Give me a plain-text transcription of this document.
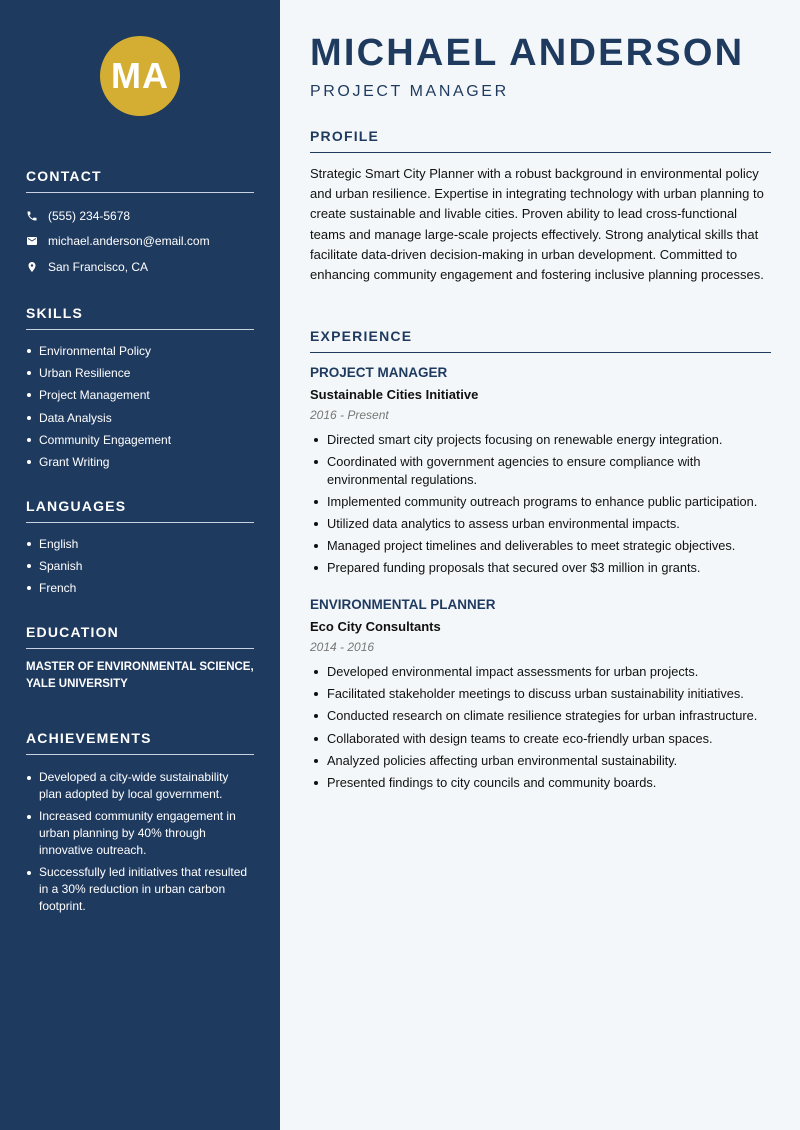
MA
CONTACT
(555) 234-5678
michael.anderson@email.com
San Francisco, CA
SKILLS
Environmental Policy
Urban Resilience
Project Management
Data Analysis
Community Engagement
Grant Writing
LANGUAGES
English
Spanish
French
EDUCATION
MASTER OF ENVIRONMENTAL SCIENCE,
YALE UNIVERSITY
ACHIEVEMENTS
Developed a city-wide sustainability plan adopted by local government.
Increased community engagement in urban planning by 40% through innovative outreach.
Successfully led initiatives that resulted in a 30% reduction in urban carbon footprint.
MICHAEL ANDERSON
PROJECT MANAGER
PROFILE

Strategic Smart City Planner with a robust background in environmental policy and urban resilience. Expertise in integrating technology with urban planning to create sustainable and livable cities. Proven ability to lead cross-functional teams and manage large-scale projects effectively. Strong analytical skills that facilitate data-driven decision-making in urban development. Committed to enhancing community engagement and fostering inclusive planning processes.

EXPERIENCE
PROJECT MANAGER
Sustainable Cities Initiative
2016 - Present
Directed smart city projects focusing on renewable energy integration.
Coordinated with government agencies to ensure compliance with environmental regulations.
Implemented community outreach programs to enhance public participation.
Utilized data analytics to assess urban environmental impacts.
Managed project timelines and deliverables to meet strategic objectives.
Prepared funding proposals that secured over $3 million in grants.
ENVIRONMENTAL PLANNER
Eco City Consultants
2014 - 2016
Developed environmental impact assessments for urban projects.
Facilitated stakeholder meetings to discuss urban sustainability initiatives.
Conducted research on climate resilience strategies for urban infrastructure.
Collaborated with design teams to create eco-friendly urban spaces.
Analyzed policies affecting urban environmental sustainability.
Presented findings to city councils and community boards.
